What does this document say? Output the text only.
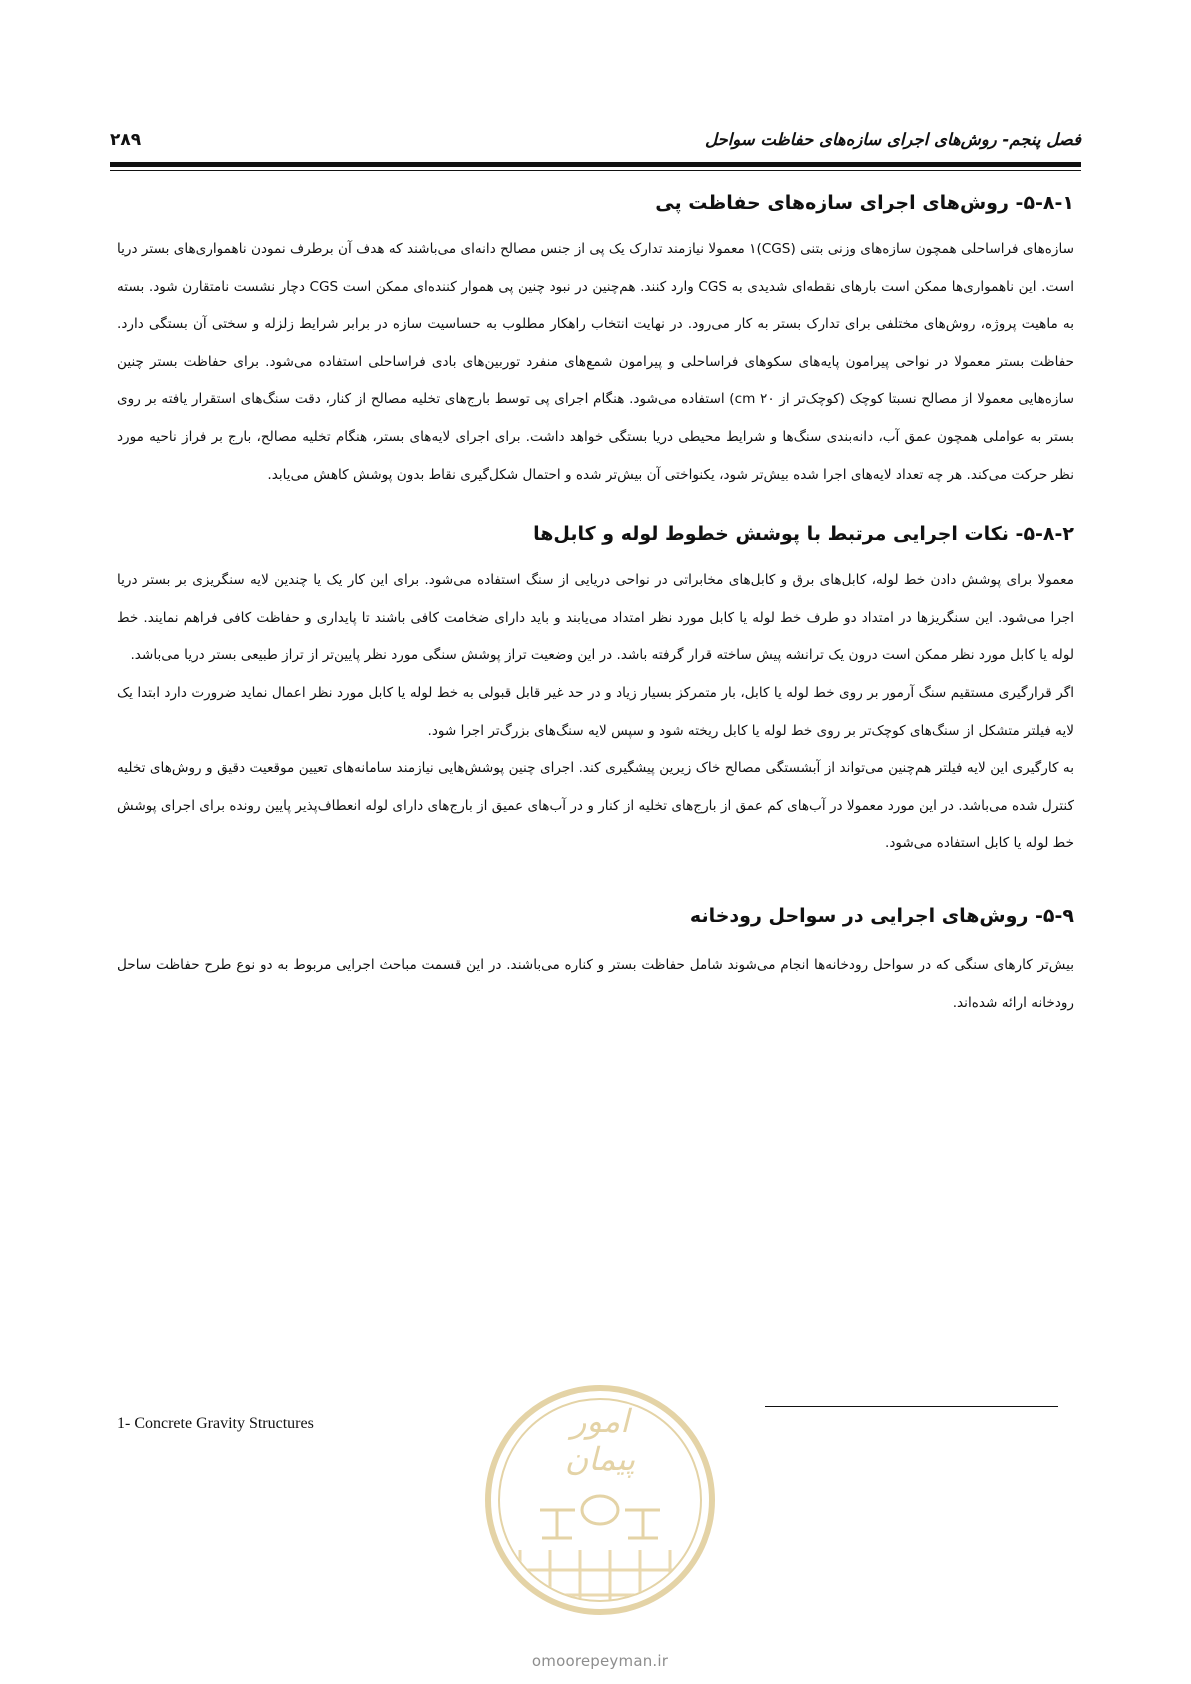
فصل پنجم- روش‌های اجرای سازه‌های حفاظت سواحل
۲۸۹
۵-۸-۱- روش‌های اجرای سازه‌های حفاظت پی

سازه‌های فراساحلی همچون سازه‌های وزنی بتنی (CGS)۱ معمولا نیازمند تدارک یک پی از جنس مصالح دانه‌ای می‌باشند که هدف آن برطرف نمودن ناهمواری‌های بستر دریا است. این ناهمواری‌ها ممکن است بارهای نقطه‌ای شدیدی به CGS وارد کنند. هم‌چنین در نبود چنین پی هموار کننده‌ای ممکن است CGS دچار نشست نامتقارن شود. بسته به ماهیت پروژه، روش‌های مختلفی برای تدارک بستر به کار می‌رود. در نهایت انتخاب راهکار مطلوب به حساسیت سازه در برابر شرایط زلزله و سختی آن بستگی دارد. حفاظت بستر معمولا در نواحی پیرامون پایه‌های سکوهای فراساحلی و پیرامون شمع‌های منفرد توربین‌های بادی فراساحلی استفاده می‌شود. برای حفاظت بستر چنین سازه‌هایی معمولا از مصالح نسبتا کوچک (کوچک‌تر از ۲۰ cm) استفاده می‌شود. هنگام اجرای پی توسط بارج‌های تخلیه مصالح از کنار، دقت سنگ‌های استقرار یافته بر روی بستر به عواملی همچون عمق آب، دانه‌بندی سنگ‌ها و شرایط محیطی دریا بستگی خواهد داشت. برای اجرای لایه‌های بستر، هنگام تخلیه مصالح، بارج بر فراز ناحیه مورد نظر حرکت می‌کند. هر چه تعداد لایه‌های اجرا شده بیش‌تر شود، یکنواختی آن بیش‌تر شده و احتمال شکل‌گیری نقاط بدون پوشش کاهش می‌یابد.

۵-۸-۲- نکات اجرایی مرتبط با پوشش خطوط لوله و کابل‌ها

معمولا برای پوشش دادن خط لوله، کابل‌های برق و کابل‌های مخابراتی در نواحی دریایی از سنگ استفاده می‌شود. برای این کار یک یا چندین لایه سنگریزی بر بستر دریا اجرا می‌شود. این سنگریزها در امتداد دو طرف خط لوله یا کابل مورد نظر امتداد می‌یابند و باید دارای ضخامت کافی باشند تا پایداری و حفاظت کافی فراهم نمایند. خط لوله یا کابل مورد نظر ممکن است درون یک ترانشه پیش ساخته قرار گرفته باشد. در این وضعیت تراز پوشش سنگی مورد نظر پایین‌تر از تراز طبیعی بستر دریا می‌باشد.

اگر قرارگیری مستقیم سنگ آرمور بر روی خط لوله یا کابل، بار متمرکز بسیار زیاد و در حد غیر قابل قبولی به خط لوله یا کابل مورد نظر اعمال نماید ضرورت دارد ابتدا یک لایه فیلتر متشکل از سنگ‌های کوچک‌تر بر روی خط لوله یا کابل ریخته شود و سپس لایه سنگ‌های بزرگ‌تر اجرا شود.

به کارگیری این لایه فیلتر هم‌چنین می‌تواند از آبشستگی مصالح خاک زیرین پیشگیری کند. اجرای چنین پوشش‌هایی نیازمند سامانه‌های تعیین موقعیت دقیق و روش‌های تخلیه کنترل شده می‌باشد. در این مورد معمولا در آب‌های کم عمق از بارج‌های تخلیه از کنار و در آب‌های عمیق از بارج‌های دارای لوله انعطاف‌پذیر پایین رونده برای اجرای پوشش خط لوله یا کابل استفاده می‌شود.

۵-۹- روش‌های اجرایی در سواحل رودخانه

بیش‌تر کارهای سنگی که در سواحل رودخانه‌ها انجام می‌شوند شامل حفاظت بستر و کناره می‌باشند. در این قسمت مباحث اجرایی مربوط به دو نوع طرح حفاظت ساحل رودخانه ارائه شده‌اند.

امور پیمان
omoorepeyman.ir
1- Concrete Gravity Structures
